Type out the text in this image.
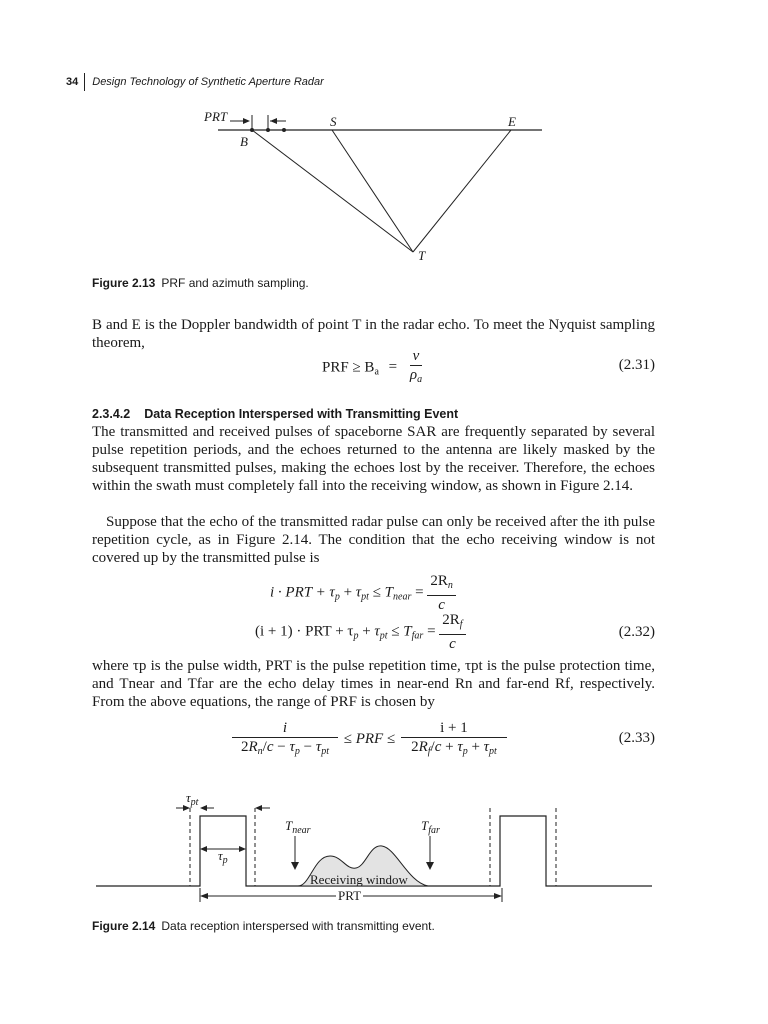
34	Design Technology of Synthetic Aperture Radar
PRT
B
S	E
T
Figure 2.13 PRF and azimuth sampling.
B and E is the Doppler bandwidth of point T in the radar echo. To meet the Nyquist sampling theorem,
PRF ≥ $B_a = \frac{v}{\rho_a}$	(2.31)
2.3.4.2 Data Reception Interspersed with Transmitting Event
The transmitted and received pulses of spaceborne SAR are frequently separated by several pulse repetition periods, and the echoes returned to the antenna are likely masked by the subsequent transmitted pulses, making the echoes lost by the receiver. Therefore, the echoes within the swath must completely fall into the receiving window, as shown in Figure 2.14.
Suppose that the echo of the transmitted radar pulse can only be received after the ith pulse repetition cycle, as in Figure 2.14. The condition that the echo receiving window is not covered up by the transmitted pulse is
i · PRT + $\tau_p + \tau_{pt} \le T_{near} = \frac{2R_n}{c}$
(i + 1) · PRT + $\tau_p + \tau_{pt} \le T_{far} = \frac{2R_f}{c}$	(2.32)
where τp is the pulse width, PRT is the pulse repetition time, τpt is the pulse protection time, and Tnear and Tfar are the echo delay times in near-end Rn and far-end Rf, respectively. From the above equations, the range of PRF is chosen by
$\frac{i}{2R_n/c - \tau_p - \tau_{pt}}$ ≤ PRF ≤ $\frac{i + 1}{2R_f/c + \tau_p + \tau_{pt}}$	(2.33)
$\tau_{pt}$
$\tau_p$
$T_{near}$	$T_{far}$
Receiving window
PRT
Figure 2.14 Data reception interspersed with transmitting event.
